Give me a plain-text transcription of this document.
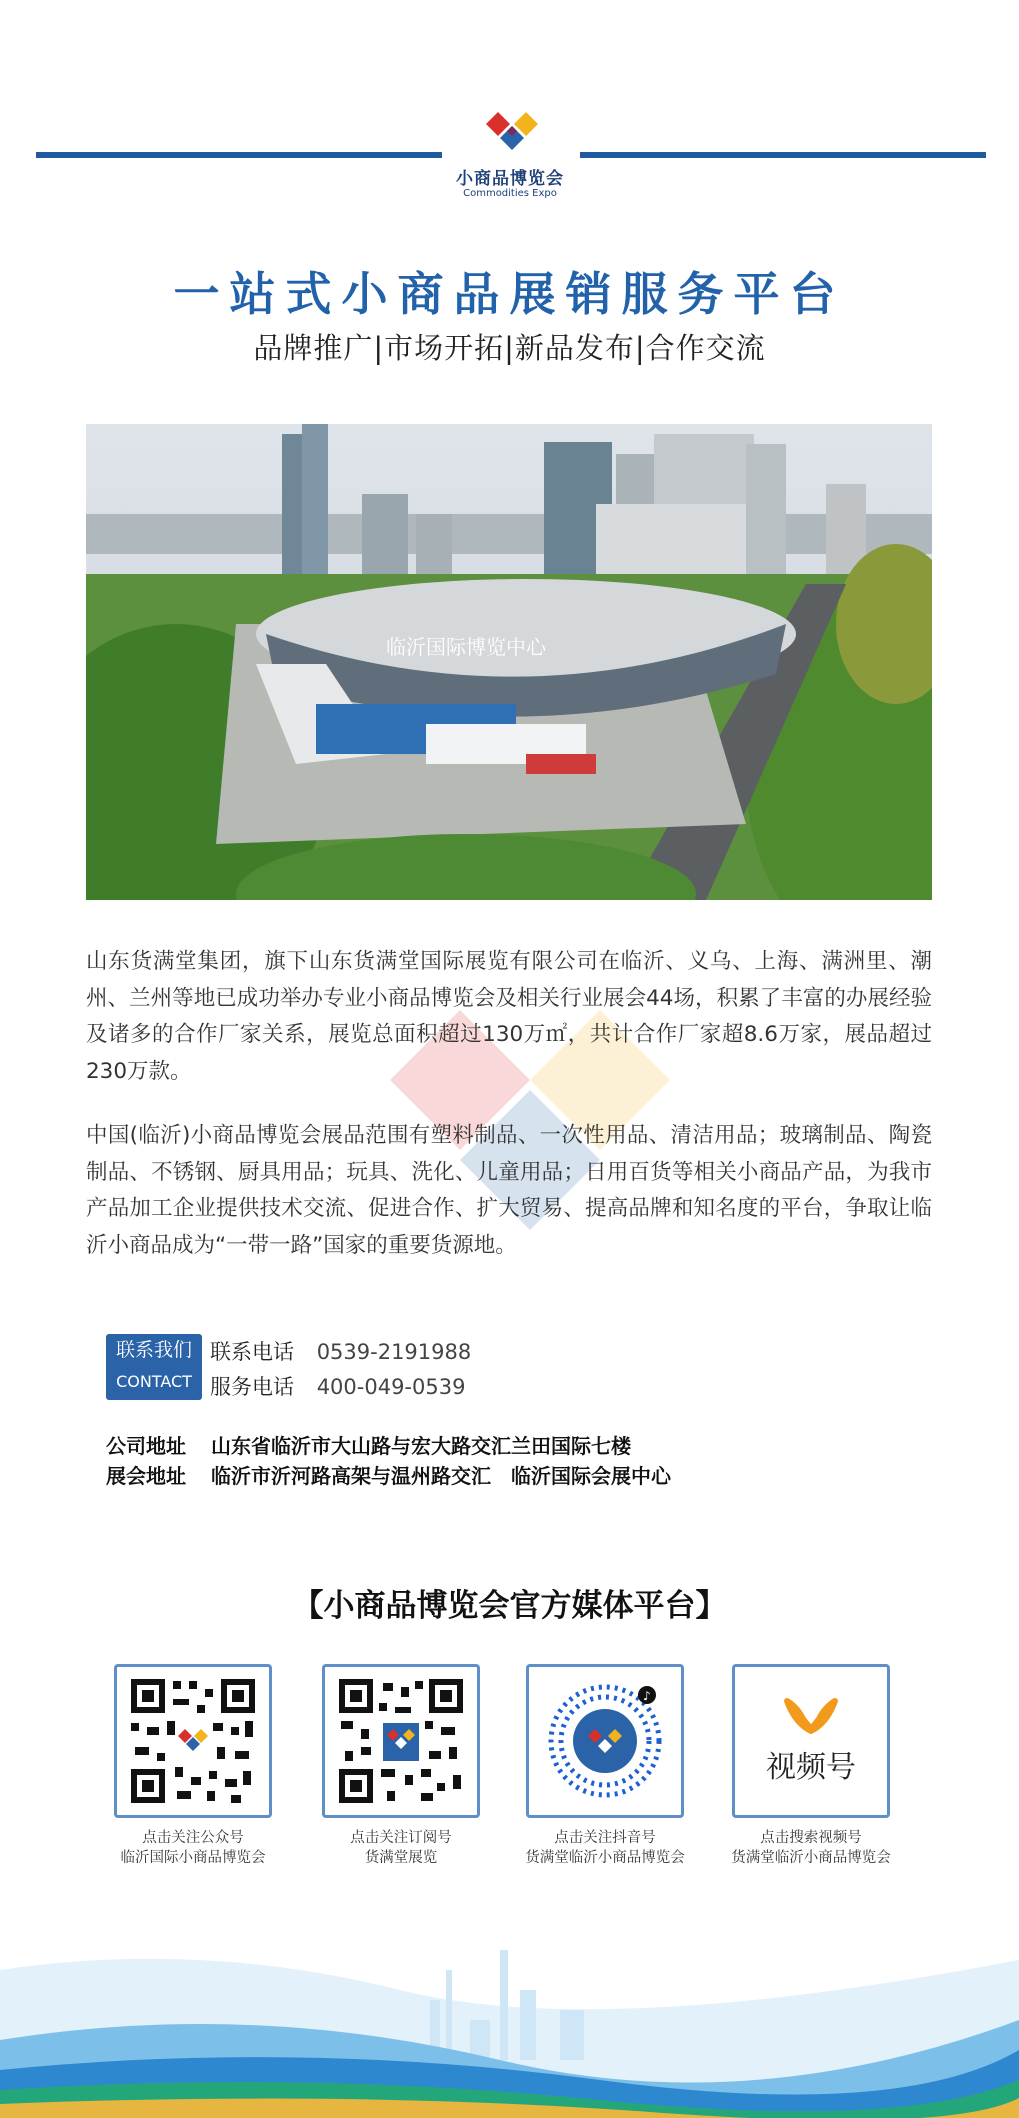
小商品博览会
Commodities Expo
一站式小商品展销服务平台
品牌推广|市场开拓|新品发布|合作交流
临沂国际博览中心

山东货满堂集团，旗下山东货满堂国际展览有限公司在临沂、义乌、上海、满洲里、潮州、兰州等地已成功举办专业小商品博览会及相关行业展会44场，积累了丰富的办展经验及诸多的合作厂家关系，展览总面积超过130万㎡，共计合作厂家超8.6万家，展品超过230万款。

中国(临沂)小商品博览会展品范围有塑料制品、一次性用品、清洁用品；玻璃制品、陶瓷制品、不锈钢、厨具用品；玩具、洗化、儿童用品；日用百货等相关小商品产品，为我市产品加工企业提供技术交流、促进合作、扩大贸易、提高品牌和知名度的平台，争取让临沂小商品成为“一带一路”国家的重要货源地。

联系我们
CONTACT
联系电话 0539-2191988
服务电话 400-049-0539
公司地址 山东省临沂市大山路与宏大路交汇兰田国际七楼
展会地址 临沂市沂河路高架与温州路交汇　临沂国际会展中心
【小商品博览会官方媒体平台】
点击关注公众号
临沂国际小商品博览会
点击关注订阅号
货满堂展览
♪
点击关注抖音号
货满堂临沂小商品博览会
视频号
点击搜索视频号
货满堂临沂小商品博览会
